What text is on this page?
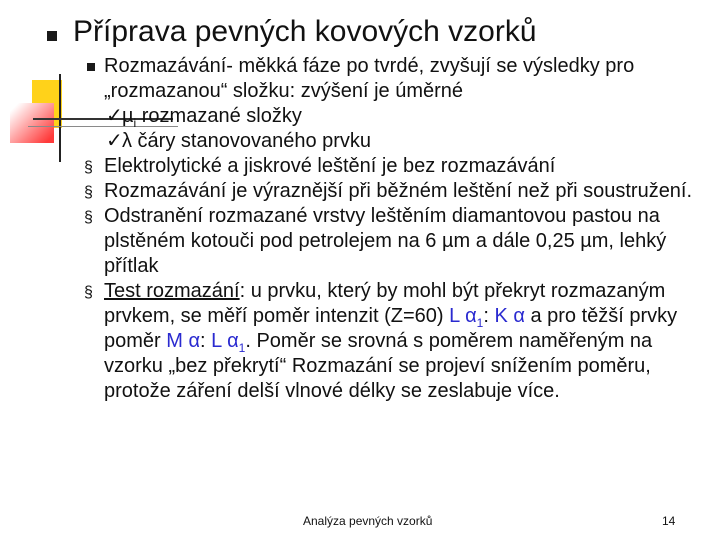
Příprava pevných kovových vzorků
Rozmazávání- měkká fáze po tvrdé, zvyšují se výsledky pro „rozmazanou“ složku: zvýšení je úměrné
✓ µ$_i$ rozmazané složky
✓ λ čáry stanovovaného prvku
§ Elektrolytické a jiskrové leštění je bez rozmazávání
§ Rozmazávání je výraznější při běžném leštění než při soustružení.
§ Odstranění rozmazané vrstvy leštěním diamantovou pastou na plstěném kotouči pod petrolejem na 6 µm a dále 0,25 µm, lehký přítlak
§ Test rozmazání: u prvku, který by mohl být překryt rozmazaným prvkem, se měří poměr intenzit (Z=60) L $\alpha_1$: K α a pro těžší prvky poměr M α: L $\alpha_1$. Poměr se srovná s poměrem naměřeným na vzorku „bez překrytí“ Rozmazání se projeví snížením poměru, protože záření delší vlnové délky se zeslabuje více.
Analýza pevných vzorků	14
